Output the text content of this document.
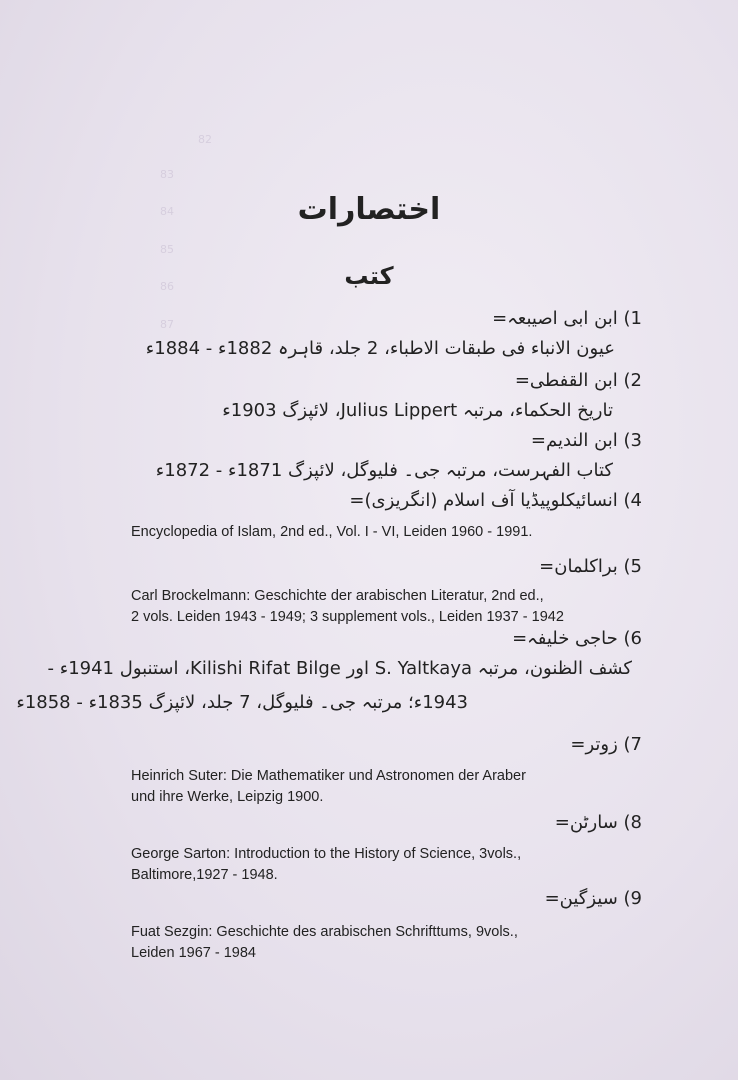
82
83
84
85
86
87
اختصارات
کتب
1) ابن ابی اصیبعہ=
عیون الانباء فی طبقات الاطباء، 2 جلد، قاہرہ 1882ء - 1884ء
2) ابن القفطی=
تاریخ الحکماء، مرتبہ Julius Lippert، لائپزگ 1903ء
3) ابن الندیم=
کتاب الفہرست، مرتبہ جی۔ فلیوگل، لائپزگ 1871ء - 1872ء
4) انسائیکلوپیڈیا آف اسلام (انگریزی)=
Encyclopedia of Islam, 2nd ed., Vol. I - VI, Leiden 1960 - 1991.
5) براکلمان=
Carl Brockelmann: Geschichte der arabischen Literatur, 2nd ed.,
2 vols. Leiden 1943 - 1949; 3 supplement vols., Leiden 1937 - 1942
6) حاجی خلیفہ=
کشف الظنون، مرتبہ S. Yaltkaya اور Kilishi Rifat Bilge، استنبول 1941ء -
1943ء؛ مرتبہ جی۔ فلیوگل، 7 جلد، لائپزگ 1835ء - 1858ء
7) زوتر=
Heinrich Suter: Die Mathematiker und Astronomen der Araber
und ihre Werke, Leipzig 1900.
8) سارٹن=
George Sarton: Introduction to the History of Science, 3vols.,
Baltimore,1927 - 1948.
9) سیزگین=
Fuat Sezgin: Geschichte des arabischen Schrifttums, 9vols.,
Leiden 1967 - 1984
